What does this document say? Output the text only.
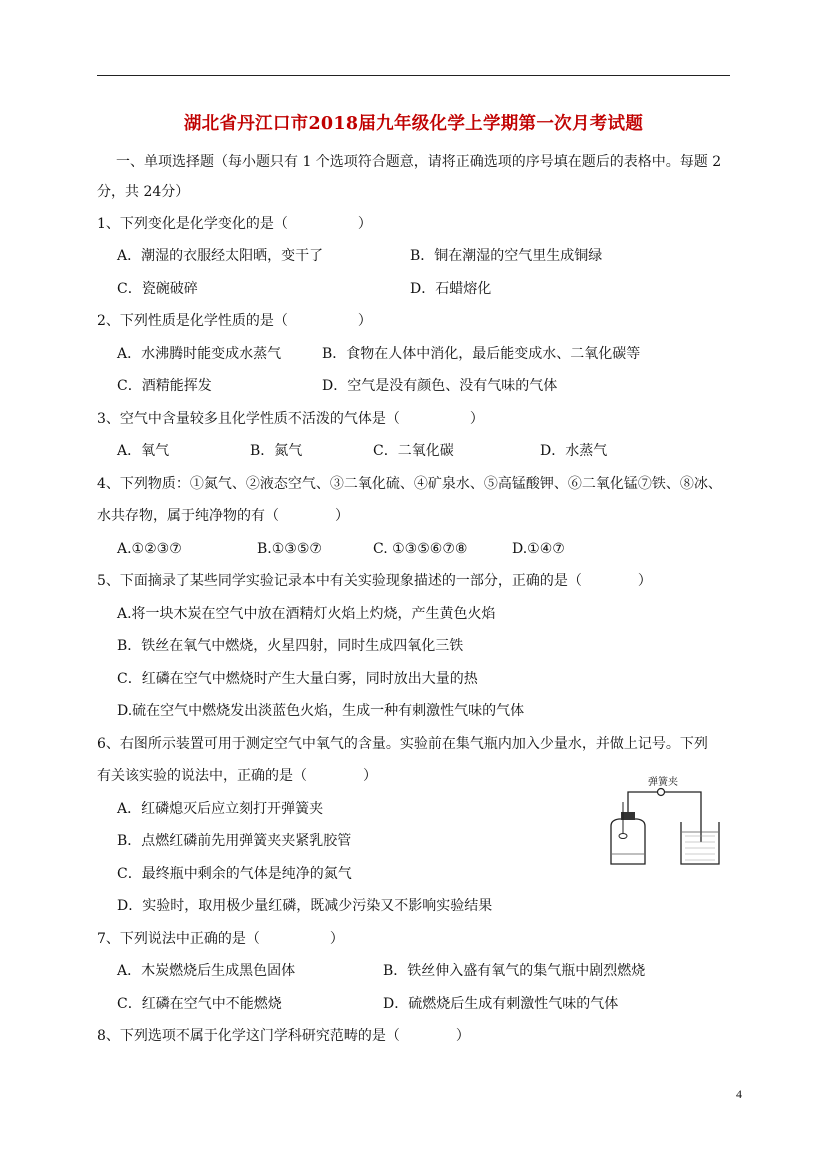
湖北省丹江口市2018届九年级化学上学期第一次月考试题
一、单项选择题（每小题只有 1 个选项符合题意，请将正确选项的序号填在题后的表格中。每题 2
分，共 24分）
1、下列变化是化学变化的是（　　　　　）
A．潮湿的衣服经太阳晒，变干了	B．铜在潮湿的空气里生成铜绿
C．瓷碗破碎	D．石蜡熔化
2、下列性质是化学性质的是（　　　　　）
A．水沸腾时能变成水蒸气	B．食物在人体中消化，最后能变成水、二氧化碳等
C．酒精能挥发	D．空气是没有颜色、没有气味的气体
3、空气中含量较多且化学性质不活泼的气体是（　　　　　）
A．氧气	B．氮气	C．二氧化碳	D．水蒸气
4、下列物质：①氮气、②液态空气、③二氧化硫、④矿泉水、⑤高锰酸钾、⑥二氧化锰⑦铁、⑧冰、
水共存物，属于纯净物的有（　　　　）
A.①②③⑦	B.①③⑤⑦	C. ①③⑤⑥⑦⑧	D.①④⑦
5、下面摘录了某些同学实验记录本中有关实验现象描述的一部分，正确的是（　　　　）
A.将一块木炭在空气中放在酒精灯火焰上灼烧，产生黄色火焰
B．铁丝在氧气中燃烧，火星四射，同时生成四氧化三铁
C．红磷在空气中燃烧时产生大量白雾，同时放出大量的热
D.硫在空气中燃烧发出淡蓝色火焰，生成一种有刺激性气味的气体
6、右图所示装置可用于测定空气中氧气的含量。实验前在集气瓶内加入少量水，并做上记号。下列
有关该实验的说法中，正确的是（　　　　）
A．红磷熄灭后应立刻打开弹簧夹
B．点燃红磷前先用弹簧夹夹紧乳胶管
C．最终瓶中剩余的气体是纯净的氮气
D．实验时，取用极少量红磷，既减少污染又不影响实验结果
弹簧夹
7、下列说法中正确的是（　　　　　）
A．木炭燃烧后生成黑色固体	B．铁丝伸入盛有氧气的集气瓶中剧烈燃烧
C．红磷在空气中不能燃烧	D．硫燃烧后生成有刺激性气味的气体
8、下列选项不属于化学这门学科研究范畴的是（　　　　）
4
